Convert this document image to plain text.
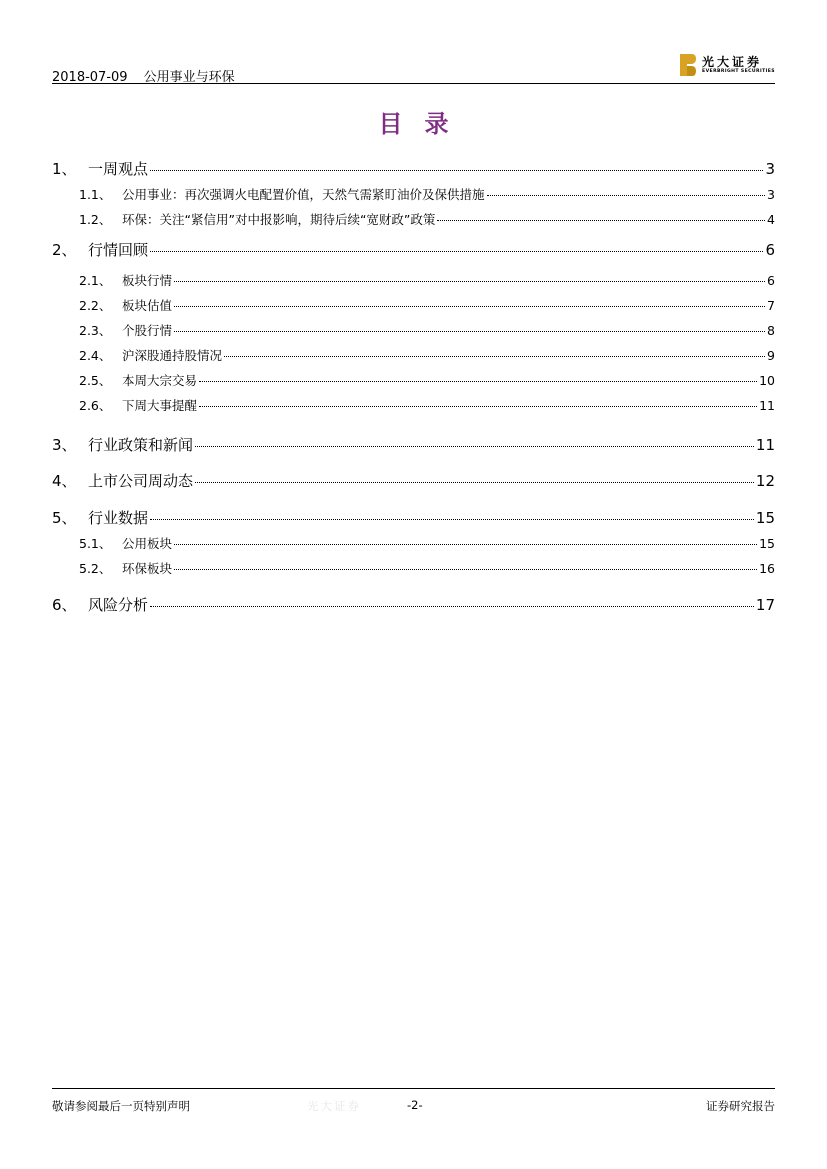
2018-07-09 公用事业与环保
光大证券
EVERBRIGHT SECURITIES
目录
1、 一周观点	3
1.1、 公用事业：再次强调火电配置价值，天然气需紧盯油价及保供措施	3
1.2、 环保：关注“紧信用”对中报影响，期待后续“宽财政”政策	4
2、 行情回顾	6
2.1、 板块行情	6
2.2、 板块估值	7
2.3、 个股行情	8
2.4、 沪深股通持股情况	9
2.5、 本周大宗交易	10
2.6、 下周大事提醒	11
3、 行业政策和新闻	11
4、 上市公司周动态	12
5、 行业数据	15
5.1、 公用板块	15
5.2、 环保板块	16
6、 风险分析	17
敬请参阅最后一页特别声明	光大证券	-2-	证券研究报告
